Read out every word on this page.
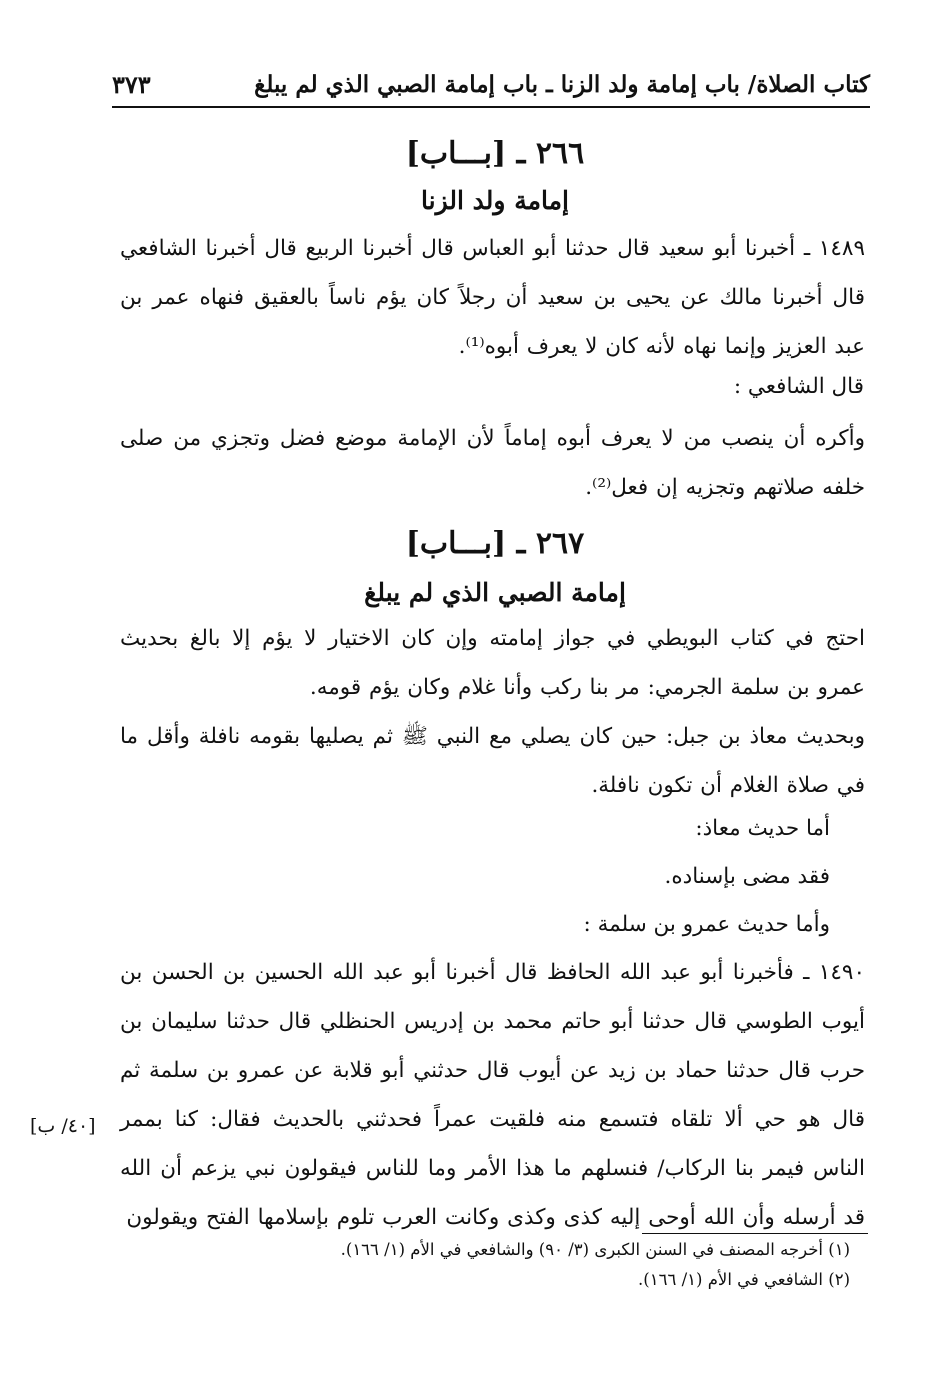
كتاب الصلاة/ باب إمامة ولد الزنا ـ باب إمامة الصبي الذي لم يبلغ
٣٧٣
٢٦٦ ـ [بـــاب]
إمامة ولد الزنا

١٤٨٩ ـ أخبرنا أبو سعيد قال حدثنا أبو العباس قال أخبرنا الربيع قال أخبرنا الشافعي قال أخبرنا مالك عن يحيى بن سعيد أن رجلاً كان يؤم ناساً بالعقيق فنهاه عمر بن عبد العزيز وإنما نهاه لأنه كان لا يعرف أبوه⁽¹⁾.

قال الشافعي :

وأكره أن ينصب من لا يعرف أبوه إماماً لأن الإمامة موضع فضل وتجزي من صلى خلفه صلاتهم وتجزيه إن فعل⁽²⁾.

٢٦٧ ـ [بـــاب]
إمامة الصبي الذي لم يبلغ

احتج في كتاب البويطي في جواز إمامته وإن كان الاختيار لا يؤم إلا بالغ بحديث عمرو بن سلمة الجرمي: مر بنا ركب وأنا غلام وكان يؤم قومه.

وبحديث معاذ بن جبل: حين كان يصلي مع النبي ﷺ ثم يصليها بقومه نافلة وأقل ما في صلاة الغلام أن تكون نافلة.

أما حديث معاذ:

فقد مضى بإسناده.

وأما حديث عمرو بن سلمة :

١٤٩٠ ـ فأخبرنا أبو عبد الله الحافظ قال أخبرنا أبو عبد الله الحسين بن الحسن بن أيوب الطوسي قال حدثنا أبو حاتم محمد بن إدريس الحنظلي قال حدثنا سليمان بن حرب قال حدثنا حماد بن زيد عن أيوب قال حدثني أبو قلابة عن عمرو بن سلمة ثم قال هو حي ألا تلقاه فتسمع منه فلقيت عمراً فحدثني بالحديث فقال: كنا بممر الناس فيمر بنا الركاب/ فنسلهم ما هذا الأمر وما للناس فيقولون نبي يزعم أن الله قد أرسله وأن الله أوحى إليه كذى وكذى وكانت العرب تلوم بإسلامها الفتح ويقولون

[٤٠/ ب]
(١) أخرجه المصنف في السنن الكبرى (٣/ ٩٠) والشافعي في الأم (١/ ١٦٦).
(٢) الشافعي في الأم (١/ ١٦٦).
